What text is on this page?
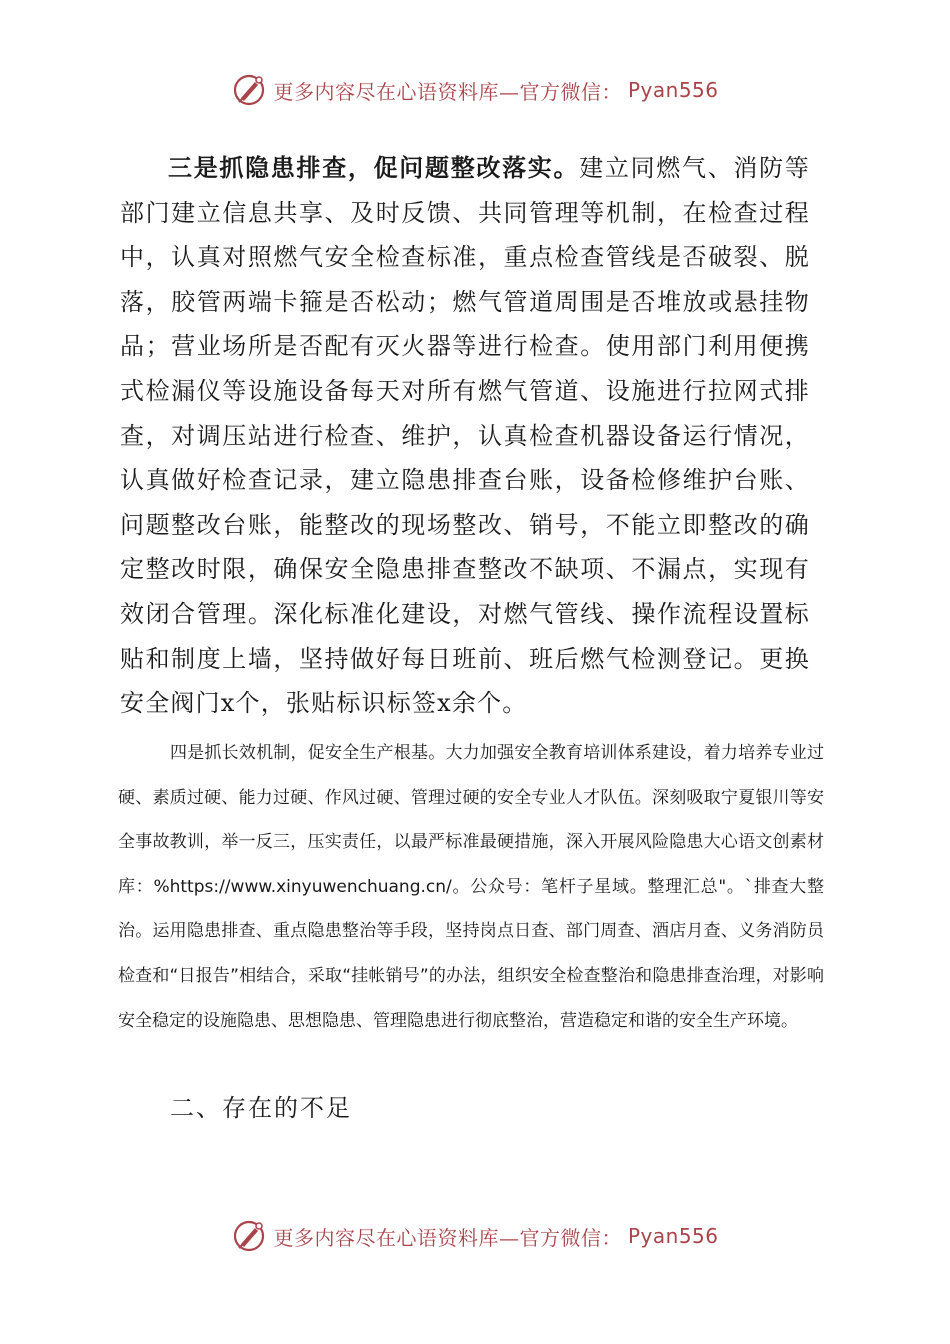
更多内容尽在心语资料库—官方微信： Pyan556

三是抓隐患排查，促问题整改落实。建立同燃气、消防等部门建立信息共享、及时反馈、共同管理等机制，在检查过程中，认真对照燃气安全检查标准，重点检查管线是否破裂、脱落，胶管两端卡箍是否松动；燃气管道周围是否堆放或悬挂物品；营业场所是否配有灭火器等进行检查。使用部门利用便携式检漏仪等设施设备每天对所有燃气管道、设施进行拉网式排查，对调压站进行检查、维护，认真检查机器设备运行情况，认真做好检查记录，建立隐患排查台账，设备检修维护台账、问题整改台账，能整改的现场整改、销号，不能立即整改的确定整改时限，确保安全隐患排查整改不缺项、不漏点，实现有效闭合管理。深化标准化建设，对燃气管线、操作流程设置标贴和制度上墙，坚持做好每日班前、班后燃气检测登记。更换安全阀门x个，张贴标识标签x余个。

四是抓长效机制，促安全生产根基。大力加强安全教育培训体系建设，着力培养专业过硬、素质过硬、能力过硬、作风过硬、管理过硬的安全专业人才队伍。深刻吸取宁夏银川等安全事故教训，举一反三，压实责任，以最严标准最硬措施，深入开展风险隐患大心语文创素材库：%https://www.xinyuwenchuang.cn/。公众号：笔杆子星域。整理汇总"。`排查大整治。运用隐患排查、重点隐患整治等手段，坚持岗点日查、部门周查、酒店月查、义务消防员检查和“日报告”相结合，采取“挂帐销号”的办法，组织安全检查整治和隐患排查治理，对影响安全稳定的设施隐患、思想隐患、管理隐患进行彻底整治，营造稳定和谐的安全生产环境。

二、存在的不足
更多内容尽在心语资料库—官方微信： Pyan556
